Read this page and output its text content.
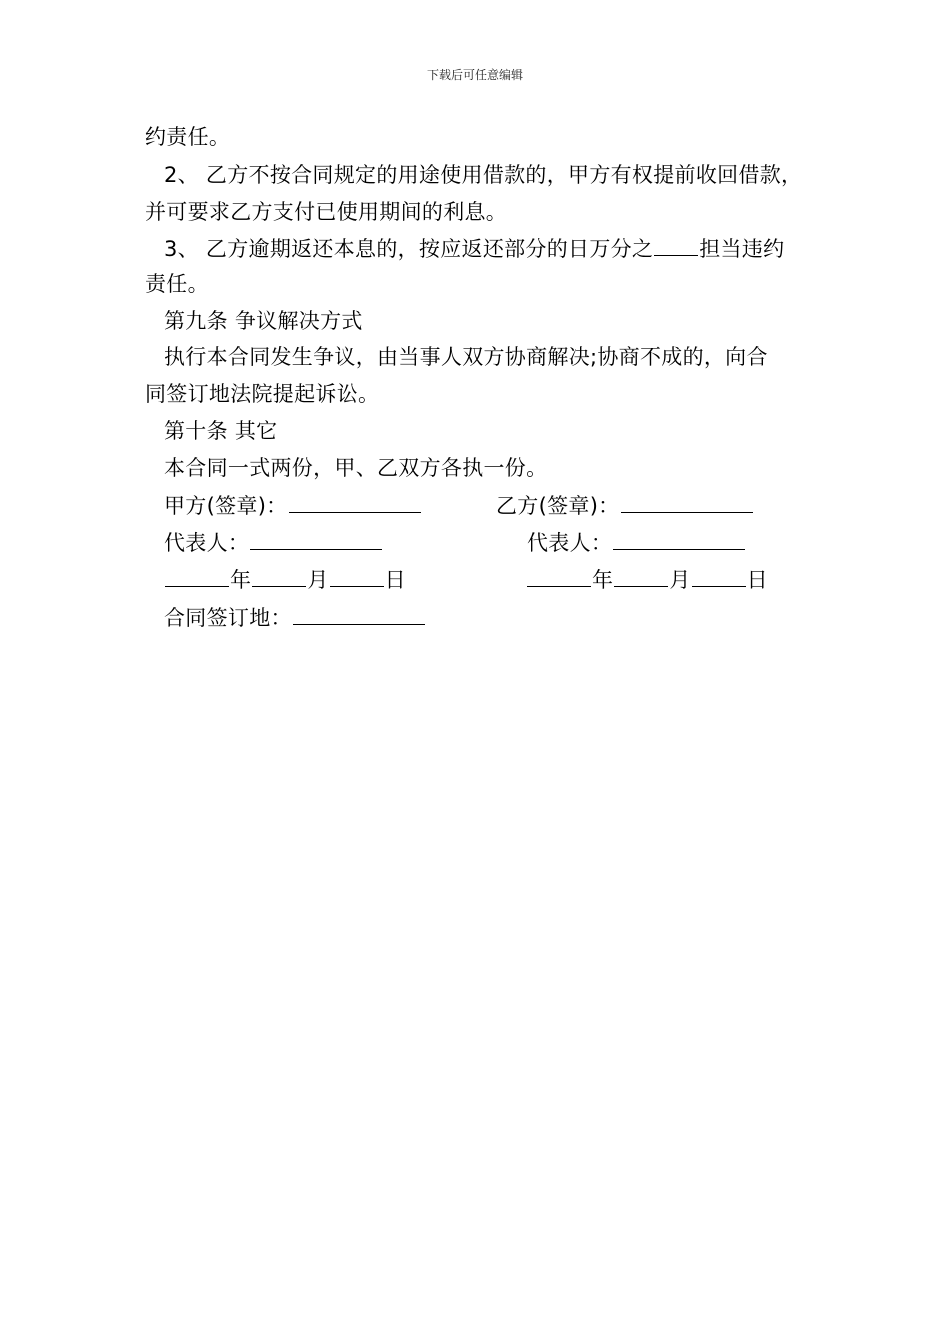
下载后可任意编辑
约责任。
2、 乙方不按合同规定的用途使用借款的，甲方有权提前收回借款，
并可要求乙方支付已使用期间的利息。
3、 乙方逾期返还本息的，按应返还部分的日万分之 担当违约
责任。
第九条 争议解决方式
执行本合同发生争议，由当事人双方协商解决;协商不成的，向合
同签订地法院提起诉讼。
第十条 其它
本合同一式两份，甲、乙双方各执一份。
甲方(签章)：	乙方(签章)：
代表人：	代表人：
年	月	日	年	月	日
合同签订地：
